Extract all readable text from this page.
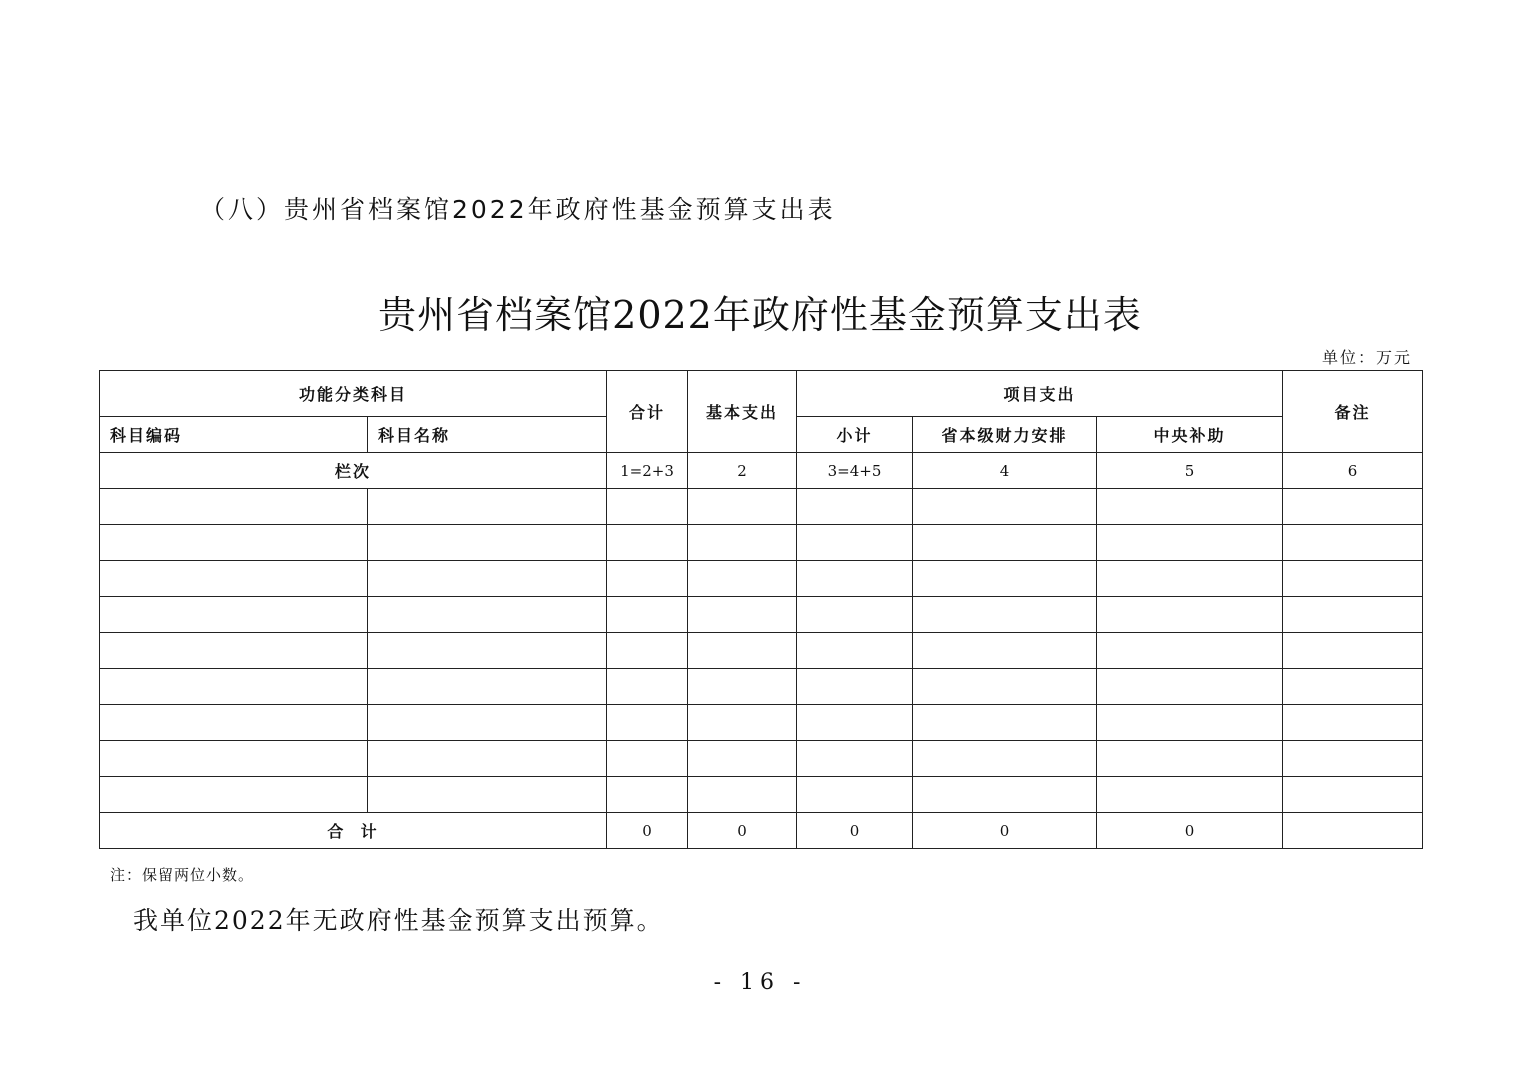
（八）贵州省档案馆2022年政府性基金预算支出表
贵州省档案馆2022年政府性基金预算支出表
单位：万元
功能分类科目		合计	基本支出	项目支出			备注
科目编码	科目名称			小计	省本级财力安排	中央补助	
栏次		1=2+3	2	3=4+5	4	5	6

合  计		0	0	0	0	0	
注：保留两位小数。
我单位2022年无政府性基金预算支出预算。
- 16 -
